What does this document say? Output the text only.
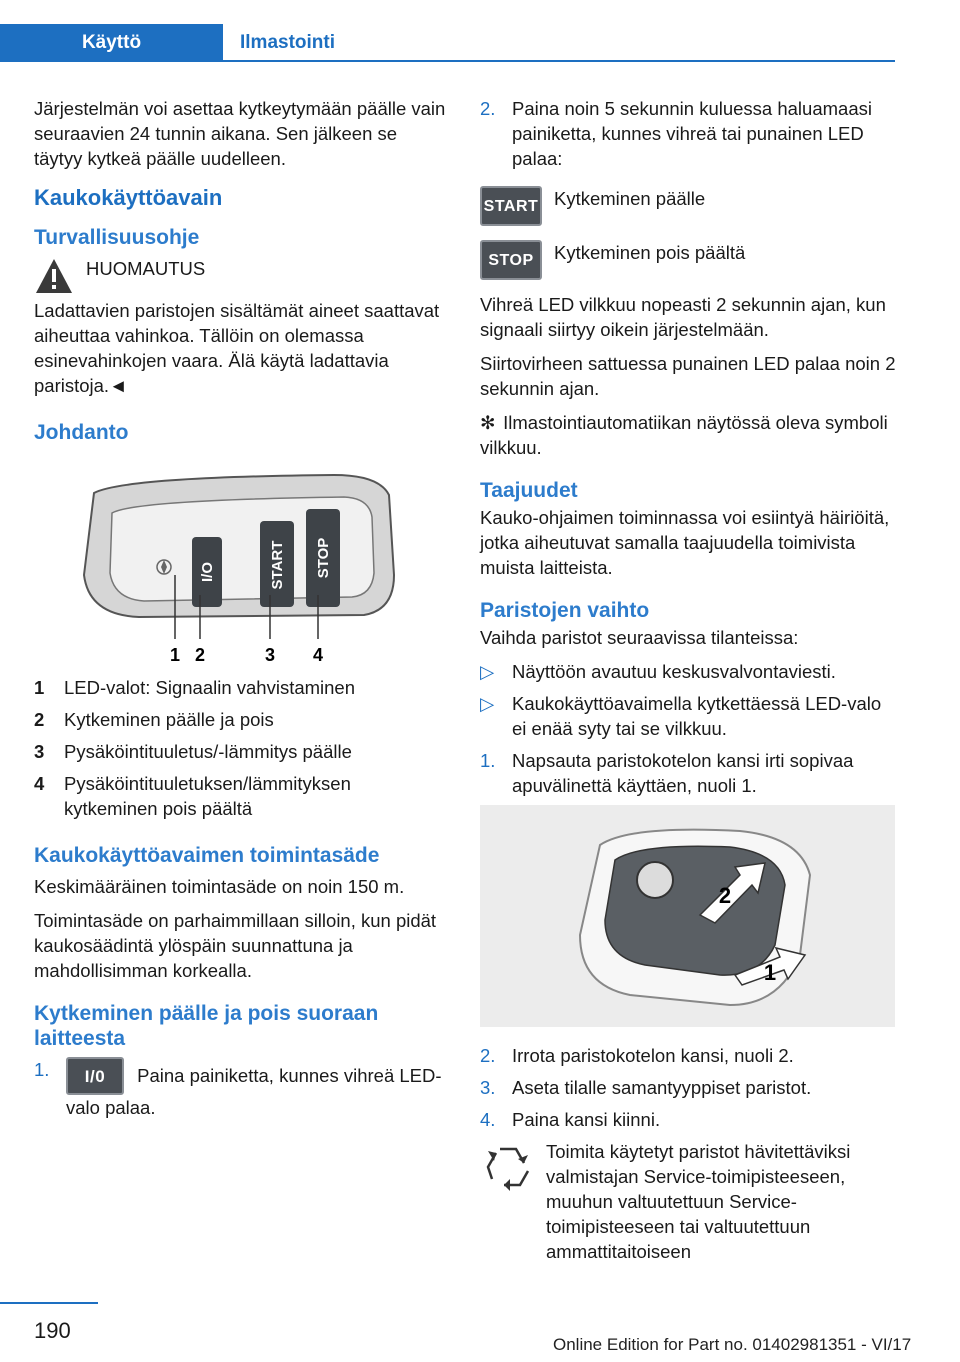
Käyttö	Ilmastointi

Järjestelmän voi asettaa kytkeytymään päälle vain seuraavien 24 tunnin aikana. Sen jälkeen se täytyy kytkeä päälle uudelleen.

Kaukokäyttöavain
Turvallisuusohje
HUOMAUTUS

Ladattavien paristojen sisältämät aineet saattavat aiheuttaa vahinkoa. Tällöin on olemassa esinevahinkojen vaara. Älä käytä ladattavia paristoja.◄

Johdanto
I/O	START STOP
1 2	3 4
1	LED-valot: Signaalin vahvistaminen
2	Kytkeminen päälle ja pois
3	Pysäköintituuletus/-lämmitys päälle
4	Pysäköintituuletuksen/lämmityksen kytkeminen pois päältä
Kaukokäyttöavaimen toimintasäde

Keskimääräinen toimintasäde on noin 150 m.

Toimintasäde on parhaimmillaan silloin, kun pidät kaukosäädintä ylöspäin suunnattuna ja mahdollisimman korkealla.

Kytkeminen päälle ja pois suoraan laitteesta
1.	I/0 Paina painiketta, kunnes vihreä LED-valo palaa.
2. Paina noin 5 sekunnin kuluessa haluamaasi painiketta, kunnes vihreä tai punainen LED palaa:

START Kytkeminen päälle
STOP	Kytkeminen pois päältä

Vihreä LED vilkkuu nopeasti 2 sekunnin ajan, kun signaali siirtyy oikein järjestelmään.

Siirtovirheen sattuessa punainen LED palaa noin 2 sekunnin ajan.

✻ Ilmastointiautomatiikan näytössä oleva symboli vilkkuu.

Taajuudet

Kauko-ohjaimen toiminnassa voi esiintyä häiriöitä, jotka aiheutuvat samalla taajuudella toimivista muista laitteista.

Paristojen vaihto

Vaihda paristot seuraavissa tilanteissa:

▷ Näyttöön avautuu keskusvalvontaviesti.
▷ Kaukokäyttöavaimella kytkettäessä LED-valo ei enää syty tai se vilkkuu.
1. Napsauta paristokotelon kansi irti sopivaa apuvälinettä käyttäen, nuoli 1.
2
1
2. Irrota paristokotelon kansi, nuoli 2.
3. Aseta tilalle samantyyppiset paristot.
4. Paina kansi kiinni.
Toimita käytetyt paristot hävitettäviksi valmistajan Service-toimipisteeseen, muuhun valtuutettuun Service-toimipisteeseen tai valtuutettuun ammattitaitoiseen
190
Online Edition for Part no. 01402981351 - VI/17
